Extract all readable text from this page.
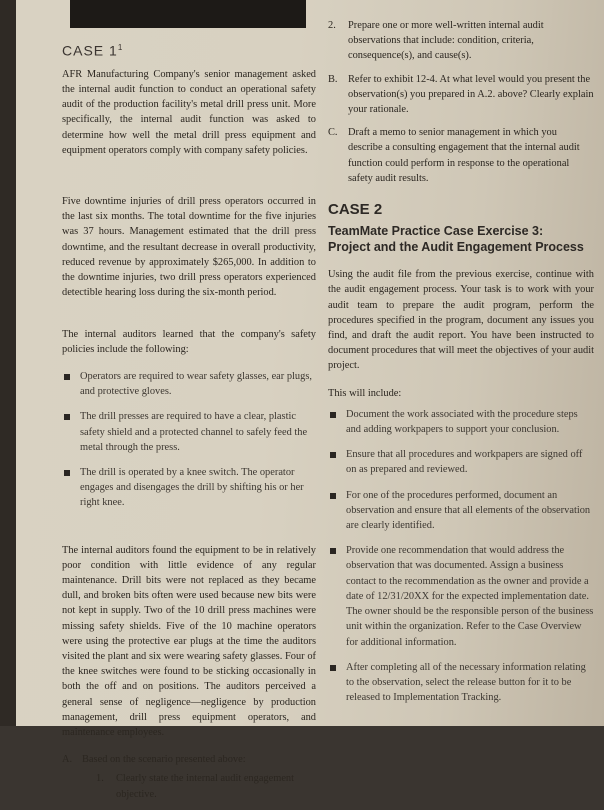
CASE $1^1$

AFR Manufacturing Company's senior management asked the internal audit function to conduct an operational safety audit of the production facility's metal drill press unit. More specifically, the internal audit function was asked to determine how well the metal drill press equipment and equipment operators comply with company safety policies.

Five downtime injuries of drill press operators occurred in the last six months. The total downtime for the five injuries was 37 hours. Management estimated that the drill press downtime, and the resultant decrease in overall productivity, reduced revenue by approximately $265,000. In addition to the downtime injuries, two drill press operators experienced detectible hearing loss during the six-month period.

The internal auditors learned that the company's safety policies include the following:

Operators are required to wear safety glasses, ear plugs, and protective gloves.
The drill presses are required to have a clear, plastic safety shield and a protected channel to safely feed the metal through the press.
The drill is operated by a knee switch. The operator engages and disengages the drill by shifting his or her right knee.

The internal auditors found the equipment to be in relatively poor condition with little evidence of any regular maintenance. Drill bits were not replaced as they became dull, and broken bits often were used because new bits were not kept in supply. Two of the 10 drill press machines were missing safety shields. Five of the 10 machine operators were using the protective ear plugs at the time the auditors visited the plant and six were wearing safety glasses. Four of the knee switches were found to be sticking occasionally in both the off and on positions. The auditors perceived a general sense of negligence—negligence by production management, drill press equipment operators, and maintenance employees.

A. Based on the scenario presented above:
1. Clearly state the internal audit engagement objective.
2. Prepare one or more well-written internal audit observations that include: condition, criteria, consequence(s), and cause(s).
B. Refer to exhibit 12-4. At what level would you present the observation(s) you prepared in A.2. above? Clearly explain your rationale.
C. Draft a memo to senior management in which you describe a consulting engagement that the internal audit function could perform in response to the operational safety audit results.
CASE 2
TeamMate Practice Case Exercise 3:
Project and the Audit Engagement Process

Using the audit file from the previous exercise, continue with the audit engagement process. Your task is to work with your audit team to prepare the audit program, perform the procedures specified in the program, document any issues you find, and draft the audit report. You have been instructed to document procedures that will meet the objectives of your audit project.

This will include:

Document the work associated with the procedure steps and adding workpapers to support your conclusion.
Ensure that all procedures and workpapers are signed off on as prepared and reviewed.
For one of the procedures performed, document an observation and ensure that all elements of the observation are clearly identified.
Provide one recommendation that would address the observation that was documented. Assign a business contact to the recommendation as the owner and provide a date of 12/31/20XX for the expected implementation date. The owner should be the responsible person of the business unit within the organization. Refer to the Case Overview for additional information.
After completing all of the necessary information relating to the observation, select the release button for it to be released to Implementation Tracking.
